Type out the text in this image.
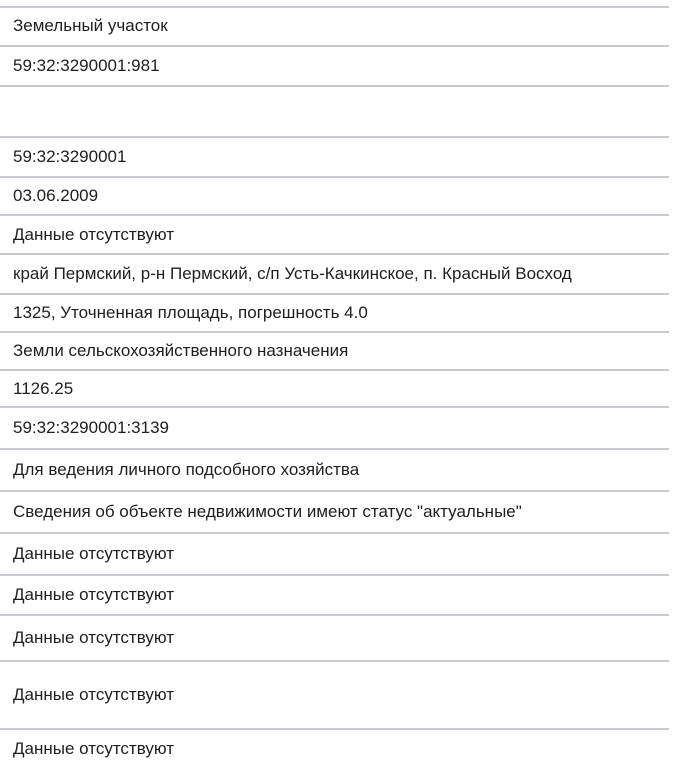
Земельный участок
59:32:3290001:981
59:32:3290001
03.06.2009
Данные отсутствуют
край Пермский, р-н Пермский, с/п Усть-Качкинское, п. Красный Восход
1325, Уточненная площадь, погрешность 4.0
Земли сельскохозяйственного назначения
1126.25
59:32:3290001:3139
Для ведения личного подсобного хозяйства
Сведения об объекте недвижимости имеют статус "актуальные"
Данные отсутствуют
Данные отсутствуют
Данные отсутствуют
Данные отсутствуют
Данные отсутствуют
